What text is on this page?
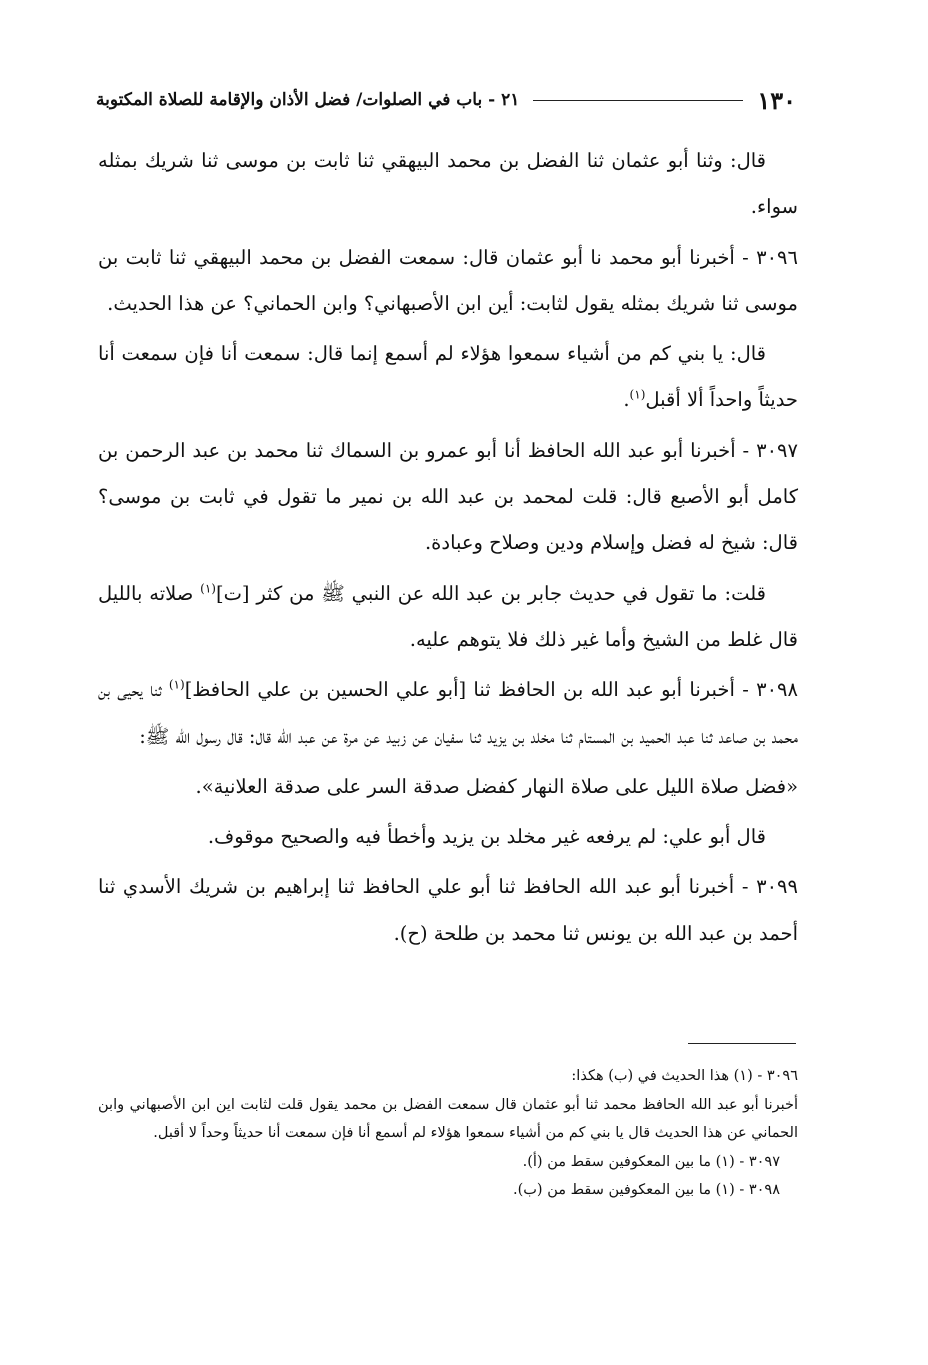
١٣٠
٢١ - باب في الصلوات/ فضل الأذان والإقامة للصلاة المكتوبة

قال: وثنا أبو عثمان ثنا الفضل بن محمد البيهقي ثنا ثابت بن موسى ثنا شريك بمثله سواء.

٣٠٩٦ - أخبرنا أبو محمد نا أبو عثمان قال: سمعت الفضل بن محمد البيهقي ثنا ثابت بن موسى ثنا شريك بمثله يقول لثابت: أين ابن الأصبهاني؟ وابن الحماني؟ عن هذا الحديث.

قال: يا بني كم من أشياء سمعوا هؤلاء لم أسمع إنما قال: سمعت أنا فإن سمعت أنا حديثاً واحداً ألا أقبل$^{(١)}$.

٣٠٩٧ - أخبرنا أبو عبد الله الحافظ أنا أبو عمرو بن السماك ثنا محمد بن عبد الرحمن بن كامل أبو الأصبع قال: قلت لمحمد بن عبد الله بن نمير ما تقول في ثابت بن موسى؟ قال: شيخ له فضل وإسلام ودين وصلاح وعبادة.

قلت: ما تقول في حديث جابر بن عبد الله عن النبي ﷺ من كثر [ت]$^{(١)}$ صلاته بالليل قال غلط من الشيخ وأما غير ذلك فلا يتوهم عليه.

٣٠٩٨ - أخبرنا أبو عبد الله بن الحافظ ثنا [أبو علي الحسين بن علي الحافظ]$^{(١)}$ ثنا يحيى بن محمد بن صاعد ثنا عبد الحميد بن المستام ثنا مخلد بن يزيد ثنا سفيان عن زبيد عن مرة عن عبد الله قال: قال رسول الله ﷺ:

«فضل صلاة الليل على صلاة النهار كفضل صدقة السر على صدقة العلانية».

قال أبو علي: لم يرفعه غير مخلد بن يزيد وأخطأ فيه والصحيح موقوف.

٣٠٩٩ - أخبرنا أبو عبد الله الحافظ ثنا أبو علي الحافظ ثنا إبراهيم بن شريك الأسدي ثنا أحمد بن عبد الله بن يونس ثنا محمد بن طلحة (ح).

٣٠٩٦ - (١) هذا الحديث في (ب) هكذا:

أخبرنا أبو عبد الله الحافظ محمد ثنا أبو عثمان قال سمعت الفضل بن محمد يقول قلت لثابت اين ابن الأصبهاني وابن الحماني عن هذا الحديث قال يا بني كم من أشياء سمعوا هؤلاء لم أسمع أنا فإن سمعت أنا حديثاً وحداً لا أقبل.

٣٠٩٧ - (١) ما بين المعكوفين سقط من (أ).

٣٠٩٨ - (١) ما بين المعكوفين سقط من (ب).
